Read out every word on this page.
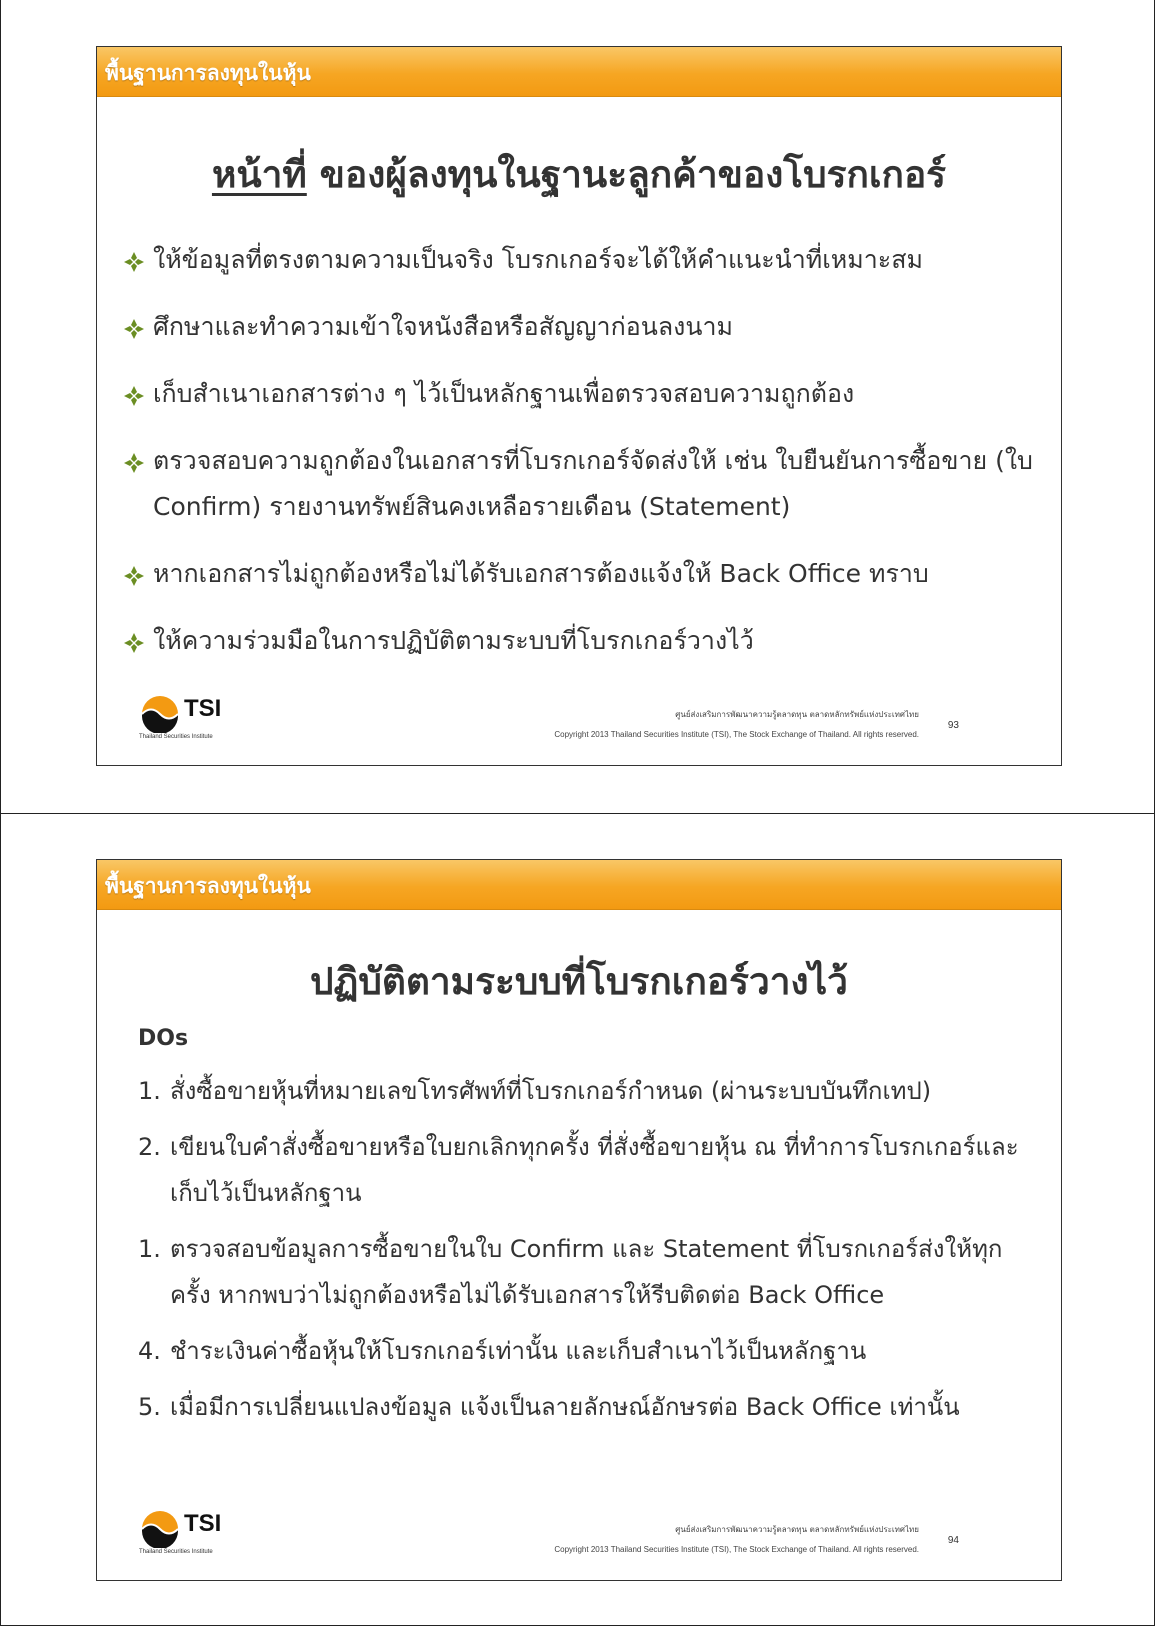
พื้นฐานการลงทุนในหุ้น
หน้าที่ ของผู้ลงทุนในฐานะลูกค้าของโบรกเกอร์
ให้ข้อมูลที่ตรงตามความเป็นจริง โบรกเกอร์จะได้ให้คำแนะนำที่เหมาะสม
ศึกษาและทำความเข้าใจหนังสือหรือสัญญาก่อนลงนาม
เก็บสำเนาเอกสารต่าง ๆ ไว้เป็นหลักฐานเพื่อตรวจสอบความถูกต้อง
ตรวจสอบความถูกต้องในเอกสารที่โบรกเกอร์จัดส่งให้ เช่น ใบยืนยันการซื้อขาย (ใบ Confirm) รายงานทรัพย์สินคงเหลือรายเดือน (Statement)
หากเอกสารไม่ถูกต้องหรือไม่ได้รับเอกสารต้องแจ้งให้ Back Office ทราบ
ให้ความร่วมมือในการปฏิบัติตามระบบที่โบรกเกอร์วางไว้
TSI
Thailand Securities Institute
ศูนย์ส่งเสริมการพัฒนาความรู้ตลาดทุน ตลาดหลักทรัพย์แห่งประเทศไทย
Copyright 2013 Thailand Securities Institute (TSI), The Stock Exchange of Thailand. All rights reserved.
93
พื้นฐานการลงทุนในหุ้น
ปฏิบัติตามระบบที่โบรกเกอร์วางไว้
DOs
1. สั่งซื้อขายหุ้นที่หมายเลขโทรศัพท์ที่โบรกเกอร์กำหนด (ผ่านระบบบันทึกเทป)
2. เขียนใบคำสั่งซื้อขายหรือใบยกเลิกทุกครั้ง ที่สั่งซื้อขายหุ้น ณ ที่ทำการโบรกเกอร์และเก็บไว้เป็นหลักฐาน
1. ตรวจสอบข้อมูลการซื้อขายในใบ Confirm และ Statement ที่โบรกเกอร์ส่งให้ทุกครั้ง หากพบว่าไม่ถูกต้องหรือไม่ได้รับเอกสารให้รีบติดต่อ Back Office
4. ชำระเงินค่าซื้อหุ้นให้โบรกเกอร์เท่านั้น และเก็บสำเนาไว้เป็นหลักฐาน
5. เมื่อมีการเปลี่ยนแปลงข้อมูล แจ้งเป็นลายลักษณ์อักษรต่อ Back Office เท่านั้น
TSI
Thailand Securities Institute
ศูนย์ส่งเสริมการพัฒนาความรู้ตลาดทุน ตลาดหลักทรัพย์แห่งประเทศไทย
Copyright 2013 Thailand Securities Institute (TSI), The Stock Exchange of Thailand. All rights reserved.
94
